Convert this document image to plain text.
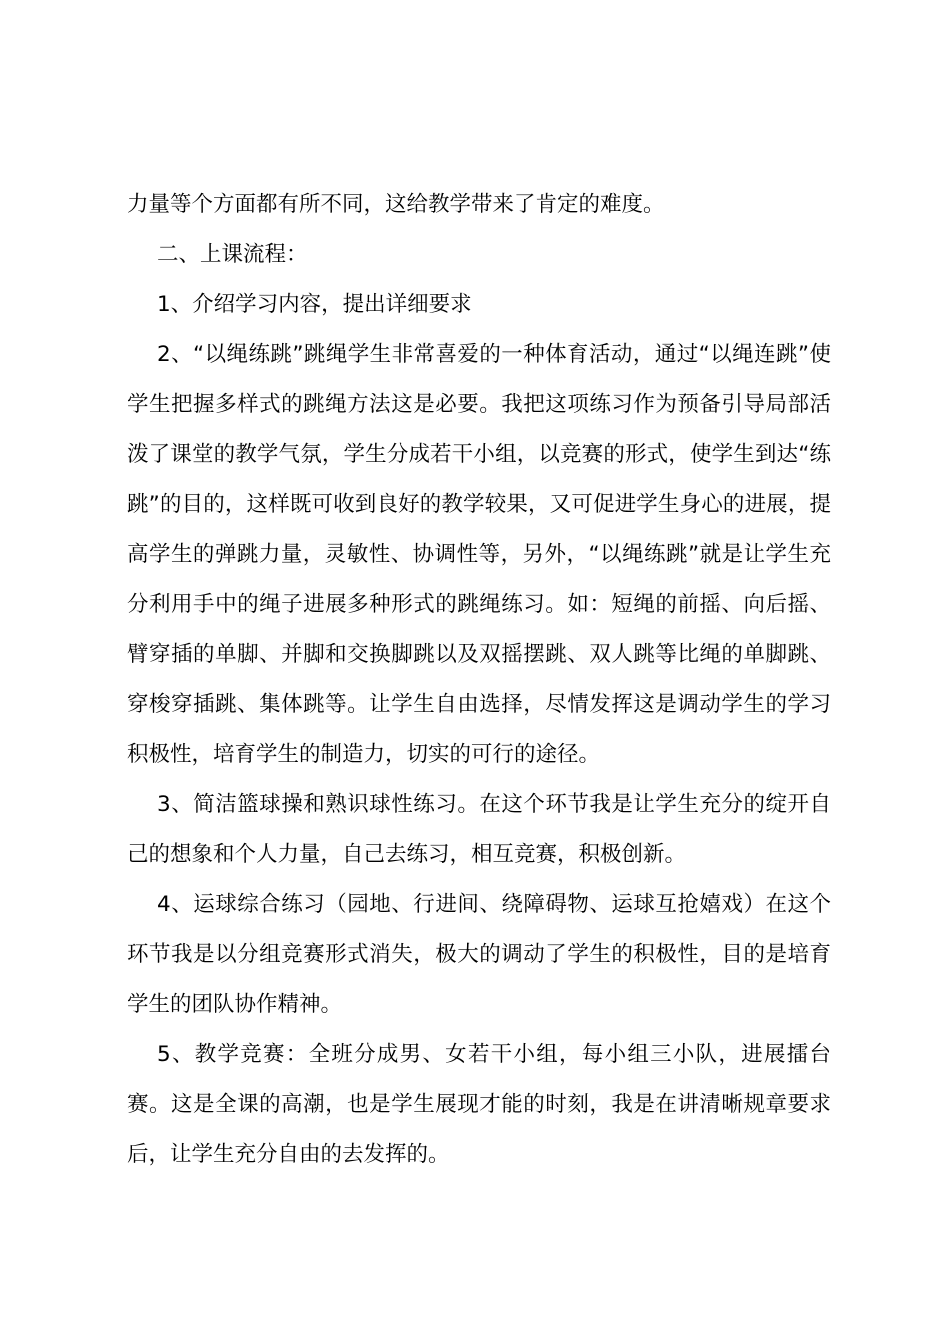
力量等个方面都有所不同，这给教学带来了肯定的难度。

二、上课流程：

1、介绍学习内容，提出详细要求

2、“以绳练跳”跳绳学生非常喜爱的一种体育活动，通过“以绳连跳”使学生把握多样式的跳绳方法这是必要。我把这项练习作为预备引导局部活泼了课堂的教学气氛，学生分成若干小组，以竞赛的形式，使学生到达“练跳”的目的，这样既可收到良好的教学较果，又可促进学生身心的进展，提高学生的弹跳力量，灵敏性、协调性等，另外，“以绳练跳”就是让学生充分利用手中的绳子进展多种形式的跳绳练习。如：短绳的前摇、向后摇、臂穿插的单脚、并脚和交换脚跳以及双摇摆跳、双人跳等比绳的单脚跳、穿梭穿插跳、集体跳等。让学生自由选择，尽情发挥这是调动学生的学习积极性，培育学生的制造力，切实的可行的途径。

3、简洁篮球操和熟识球性练习。在这个环节我是让学生充分的绽开自己的想象和个人力量，自己去练习，相互竞赛，积极创新。

4、运球综合练习（园地、行进间、绕障碍物、运球互抢嬉戏）在这个环节我是以分组竞赛形式消失，极大的调动了学生的积极性，目的是培育学生的团队协作精神。

5、教学竞赛：全班分成男、女若干小组，每小组三小队，进展擂台赛。这是全课的高潮，也是学生展现才能的时刻，我是在讲清晰规章要求后，让学生充分自由的去发挥的。
